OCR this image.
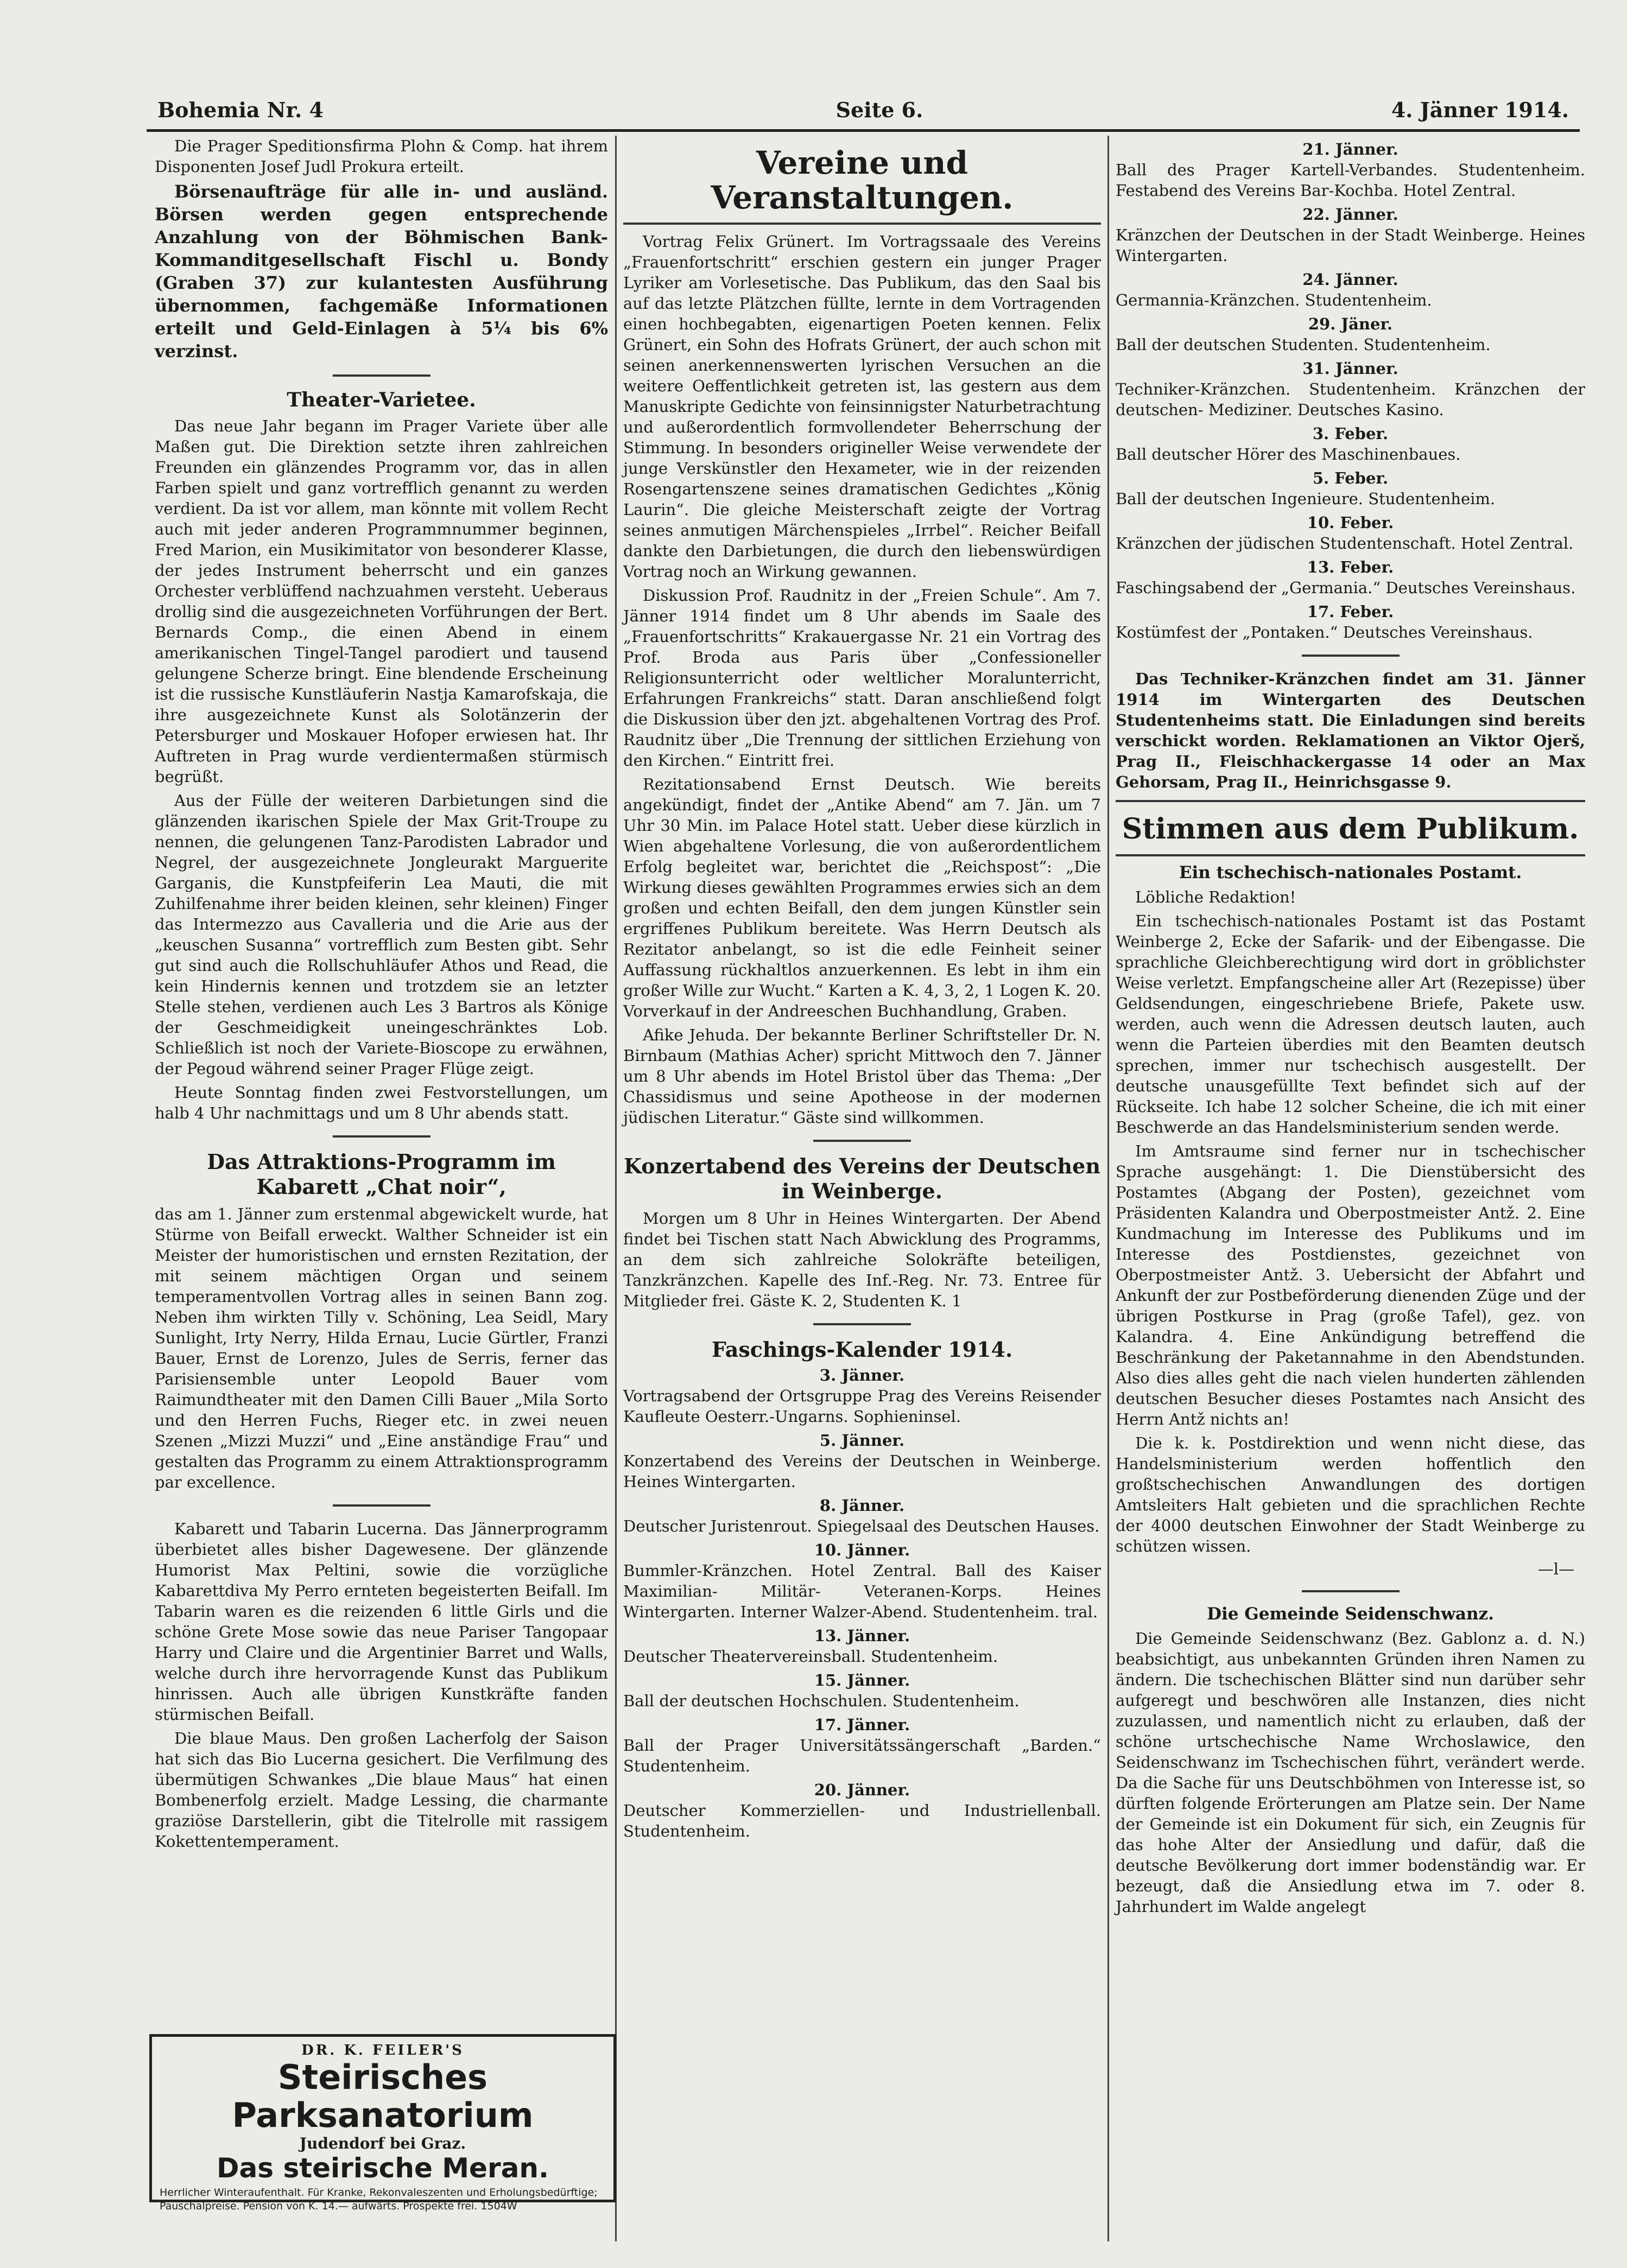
Bohemia Nr. 4	Seite 6.	4. Jänner 1914.

Die Prager Speditionsfirma Plohn & Comp. hat ihrem Disponenten Josef Judl Prokura erteilt.

Börsenaufträge für alle in- und ausländ. Börsen werden gegen entsprechende Anzahlung von der Böhmischen Bank-Kommanditgesellschaft Fischl u. Bondy (Graben 37) zur kulantesten Ausführung übernommen, fachgemäße Informationen erteilt und Geld-Einlagen à 5¼ bis 6% verzinst.

Theater-Varietee.

Das neue Jahr begann im Prager Variete über alle Maßen gut. Die Direktion setzte ihren zahlreichen Freunden ein glänzendes Programm vor, das in allen Farben spielt und ganz vortrefflich genannt zu werden verdient. Da ist vor allem, man könnte mit vollem Recht auch mit jeder anderen Programmnummer beginnen, Fred Marion, ein Musikimitator von besonderer Klasse, der jedes Instrument beherrscht und ein ganzes Orchester verblüffend nachzuahmen versteht. Ueberaus drollig sind die ausgezeichneten Vorführungen der Bert. Bernards Comp., die einen Abend in einem amerikanischen Tingel-Tangel parodiert und tausend gelungene Scherze bringt. Eine blendende Erscheinung ist die russische Kunstläuferin Nastja Kamarofskaja, die ihre ausgezeichnete Kunst als Solotänzerin der Petersburger und Moskauer Hofoper erwiesen hat. Ihr Auftreten in Prag wurde verdientermaßen stürmisch begrüßt.

Aus der Fülle der weiteren Darbietungen sind die glänzenden ikarischen Spiele der Max Grit-Troupe zu nennen, die gelungenen Tanz-Parodisten Labrador und Negrel, der ausgezeichnete Jongleurakt Marguerite Garganis, die Kunstpfeiferin Lea Mauti, die mit Zuhilfenahme ihrer beiden kleinen, sehr kleinen) Finger das Intermezzo aus Cavalleria und die Arie aus der „keuschen Susanna“ vortrefflich zum Besten gibt. Sehr gut sind auch die Rollschuhläufer Athos und Read, die kein Hindernis kennen und trotzdem sie an letzter Stelle stehen, verdienen auch Les 3 Bartros als Könige der Geschmeidigkeit uneingeschränktes Lob. Schließlich ist noch der Variete-Bioscope zu erwähnen, der Pegoud während seiner Prager Flüge zeigt.

Heute Sonntag finden zwei Festvorstellungen, um halb 4 Uhr nachmittags und um 8 Uhr abends statt.

Das Attraktions-Programm im Kabarett „Chat noir“,

das am 1. Jänner zum erstenmal abgewickelt wurde, hat Stürme von Beifall erweckt. Walther Schneider ist ein Meister der humoristischen und ernsten Rezitation, der mit seinem mächtigen Organ und seinem temperamentvollen Vortrag alles in seinen Bann zog. Neben ihm wirkten Tilly v. Schöning, Lea Seidl, Mary Sunlight, Irty Nerry, Hilda Ernau, Lucie Gürtler, Franzi Bauer, Ernst de Lorenzo, Jules de Serris, ferner das Parisiensemble unter Leopold Bauer vom Raimundtheater mit den Damen Cilli Bauer „Mila Sorto und den Herren Fuchs, Rieger etc. in zwei neuen Szenen „Mizzi Muzzi“ und „Eine anständige Frau“ und gestalten das Programm zu einem Attraktionsprogramm par excellence.

Kabarett und Tabarin Lucerna. Das Jännerprogramm überbietet alles bisher Dagewesene. Der glänzende Humorist Max Peltini, sowie die vorzügliche Kabarettdiva My Perro ernteten begeisterten Beifall. Im Tabarin waren es die reizenden 6 little Girls und die schöne Grete Mose sowie das neue Pariser Tangopaar Harry und Claire und die Argentinier Barret und Walls, welche durch ihre hervorragende Kunst das Publikum hinrissen. Auch alle übrigen Kunstkräfte fanden stürmischen Beifall.

Die blaue Maus. Den großen Lacherfolg der Saison hat sich das Bio Lucerna gesichert. Die Verfilmung des übermütigen Schwankes „Die blaue Maus“ hat einen Bombenerfolg erzielt. Madge Lessing, die charmante graziöse Darstellerin, gibt die Titelrolle mit rassigem Kokettentemperament.

DR. K. FEILER'S
Steirisches Parksanatorium
Judendorf bei Graz.
Das steirische Meran.
Herrlicher Winteraufenthalt. Für Kranke, Rekonvaleszenten und Erholungsbedürftige; Pauschalpreise. Pension von K. 14.— aufwärts. Prospekte frei. 1504W
Vereine und Veranstaltungen.

Vortrag Felix Grünert. Im Vortragssaale des Vereins „Frauenfortschritt“ erschien gestern ein junger Prager Lyriker am Vorlesetische. Das Publikum, das den Saal bis auf das letzte Plätzchen füllte, lernte in dem Vortragenden einen hochbegabten, eigenartigen Poeten kennen. Felix Grünert, ein Sohn des Hofrats Grünert, der auch schon mit seinen anerkennenswerten lyrischen Versuchen an die weitere Oeffentlichkeit getreten ist, las gestern aus dem Manuskripte Gedichte von feinsinnigster Naturbetrachtung und außerordentlich formvollendeter Beherrschung der Stimmung. In besonders origineller Weise verwendete der junge Verskünstler den Hexameter, wie in der reizenden Rosengartenszene seines dramatischen Gedichtes „König Laurin“. Die gleiche Meisterschaft zeigte der Vortrag seines anmutigen Märchenspieles „Irrbel“. Reicher Beifall dankte den Darbietungen, die durch den liebenswürdigen Vortrag noch an Wirkung gewannen.

Diskussion Prof. Raudnitz in der „Freien Schule“. Am 7. Jänner 1914 findet um 8 Uhr abends im Saale des „Frauenfortschritts“ Krakauergasse Nr. 21 ein Vortrag des Prof. Broda aus Paris über „Confessioneller Religionsunterricht oder weltlicher Moralunterricht, Erfahrungen Frankreichs“ statt. Daran anschließend folgt die Diskussion über den jzt. abgehaltenen Vortrag des Prof. Raudnitz über „Die Trennung der sittlichen Erziehung von den Kirchen.“ Eintritt frei.

Rezitationsabend Ernst Deutsch. Wie bereits angekündigt, findet der „Antike Abend“ am 7. Jän. um 7 Uhr 30 Min. im Palace Hotel statt. Ueber diese kürzlich in Wien abgehaltene Vorlesung, die von außerordentlichem Erfolg begleitet war, berichtet die „Reichspost“: „Die Wirkung dieses gewählten Programmes erwies sich an dem großen und echten Beifall, den dem jungen Künstler sein ergriffenes Publikum bereitete. Was Herrn Deutsch als Rezitator anbelangt, so ist die edle Feinheit seiner Auffassung rückhaltlos anzuerkennen. Es lebt in ihm ein großer Wille zur Wucht.“ Karten a K. 4, 3, 2, 1 Logen K. 20. Vorverkauf in der Andreeschen Buchhandlung, Graben.

Afike Jehuda. Der bekannte Berliner Schriftsteller Dr. N. Birnbaum (Mathias Acher) spricht Mittwoch den 7. Jänner um 8 Uhr abends im Hotel Bristol über das Thema: „Der Chassidismus und seine Apotheose in der modernen jüdischen Literatur.“ Gäste sind willkommen.

Konzertabend des Vereins der Deutschen in Weinberge.

Morgen um 8 Uhr in Heines Wintergarten. Der Abend findet bei Tischen statt Nach Abwicklung des Programms, an dem sich zahlreiche Solokräfte beteiligen, Tanzkränzchen. Kapelle des Inf.-Reg. Nr. 73. Entree für Mitglieder frei. Gäste K. 2, Studenten K. 1

Faschings-Kalender 1914.
3. Jänner.

Vortragsabend der Ortsgruppe Prag des Vereins Reisender Kaufleute Oesterr.-Ungarns. Sophieninsel.

5. Jänner.

Konzertabend des Vereins der Deutschen in Weinberge. Heines Wintergarten.

8. Jänner.

Deutscher Juristenrout. Spiegelsaal des Deutschen Hauses.

10. Jänner.

Bummler-Kränzchen. Hotel Zentral. Ball des Kaiser Maximilian- Militär- Veteranen-Korps. Heines Wintergarten. Interner Walzer-Abend. Studentenheim. tral.

13. Jänner.

Deutscher Theatervereinsball. Studentenheim.

15. Jänner.

Ball der deutschen Hochschulen. Studentenheim.

17. Jänner.

Ball der Prager Universitätssängerschaft „Barden.“ Studentenheim.

20. Jänner.

Deutscher Kommerziellen- und Industriellenball. Studentenheim.

21. Jänner.

Ball des Prager Kartell-Verbandes. Studentenheim. Festabend des Vereins Bar-Kochba. Hotel Zentral.

22. Jänner.

Kränzchen der Deutschen in der Stadt Weinberge. Heines Wintergarten.

24. Jänner.

Germannia-Kränzchen. Studentenheim.

29. Jäner.

Ball der deutschen Studenten. Studentenheim.

31. Jänner.

Techniker-Kränzchen. Studentenheim. Kränzchen der deutschen- Mediziner. Deutsches Kasino.

3. Feber.

Ball deutscher Hörer des Maschinenbaues.

5. Feber.

Ball der deutschen Ingenieure. Studentenheim.

10. Feber.

Kränzchen der jüdischen Studentenschaft. Hotel Zentral.

13. Feber.

Faschingsabend der „Germania.“ Deutsches Vereinshaus.

17. Feber.

Kostümfest der „Pontaken.“ Deutsches Vereinshaus.

Das Techniker-Kränzchen findet am 31. Jänner 1914 im Wintergarten des Deutschen Studentenheims statt. Die Einladungen sind bereits verschickt worden. Reklamationen an Viktor Ojerš, Prag II., Fleischhackergasse 14 oder an Max Gehorsam, Prag II., Heinrichsgasse 9.

Stimmen aus dem Publikum.
Ein tschechisch-nationales Postamt.

Löbliche Redaktion!

Ein tschechisch-nationales Postamt ist das Postamt Weinberge 2, Ecke der Safarik- und der Eibengasse. Die sprachliche Gleichberechtigung wird dort in gröblichster Weise verletzt. Empfangscheine aller Art (Rezepisse) über Geldsendungen, eingeschriebene Briefe, Pakete usw. werden, auch wenn die Adressen deutsch lauten, auch wenn die Parteien überdies mit den Beamten deutsch sprechen, immer nur tschechisch ausgestellt. Der deutsche unausgefüllte Text befindet sich auf der Rückseite. Ich habe 12 solcher Scheine, die ich mit einer Beschwerde an das Handelsministerium senden werde.

Im Amtsraume sind ferner nur in tschechischer Sprache ausgehängt: 1. Die Dienstübersicht des Postamtes (Abgang der Posten), gezeichnet vom Präsidenten Kalandra und Oberpostmeister Antž. 2. Eine Kundmachung im Interesse des Publikums und im Interesse des Postdienstes, gezeichnet von Oberpostmeister Antž. 3. Uebersicht der Abfahrt und Ankunft der zur Postbeförderung dienenden Züge und der übrigen Postkurse in Prag (große Tafel), gez. von Kalandra. 4. Eine Ankündigung betreffend die Beschränkung der Paketannahme in den Abendstunden. Also dies alles geht die nach vielen hunderten zählenden deutschen Besucher dieses Postamtes nach Ansicht des Herrn Antž nichts an!

Die k. k. Postdirektion und wenn nicht diese, das Handelsministerium werden hoffentlich den großtschechischen Anwandlungen des dortigen Amtsleiters Halt gebieten und die sprachlichen Rechte der 4000 deutschen Einwohner der Stadt Weinberge zu schützen wissen.

—l—
Die Gemeinde Seidenschwanz.

Die Gemeinde Seidenschwanz (Bez. Gablonz a. d. N.) beabsichtigt, aus unbekannten Gründen ihren Namen zu ändern. Die tschechischen Blätter sind nun darüber sehr aufgeregt und beschwören alle Instanzen, dies nicht zuzulassen, und namentlich nicht zu erlauben, daß der schöne urtschechische Name Wrchoslawice, den Seidenschwanz im Tschechischen führt, verändert werde. Da die Sache für uns Deutschböhmen von Interesse ist, so dürften folgende Erörterungen am Platze sein. Der Name der Gemeinde ist ein Dokument für sich, ein Zeugnis für das hohe Alter der Ansiedlung und dafür, daß die deutsche Bevölkerung dort immer bodenständig war. Er bezeugt, daß die Ansiedlung etwa im 7. oder 8. Jahrhundert im Walde angelegt
